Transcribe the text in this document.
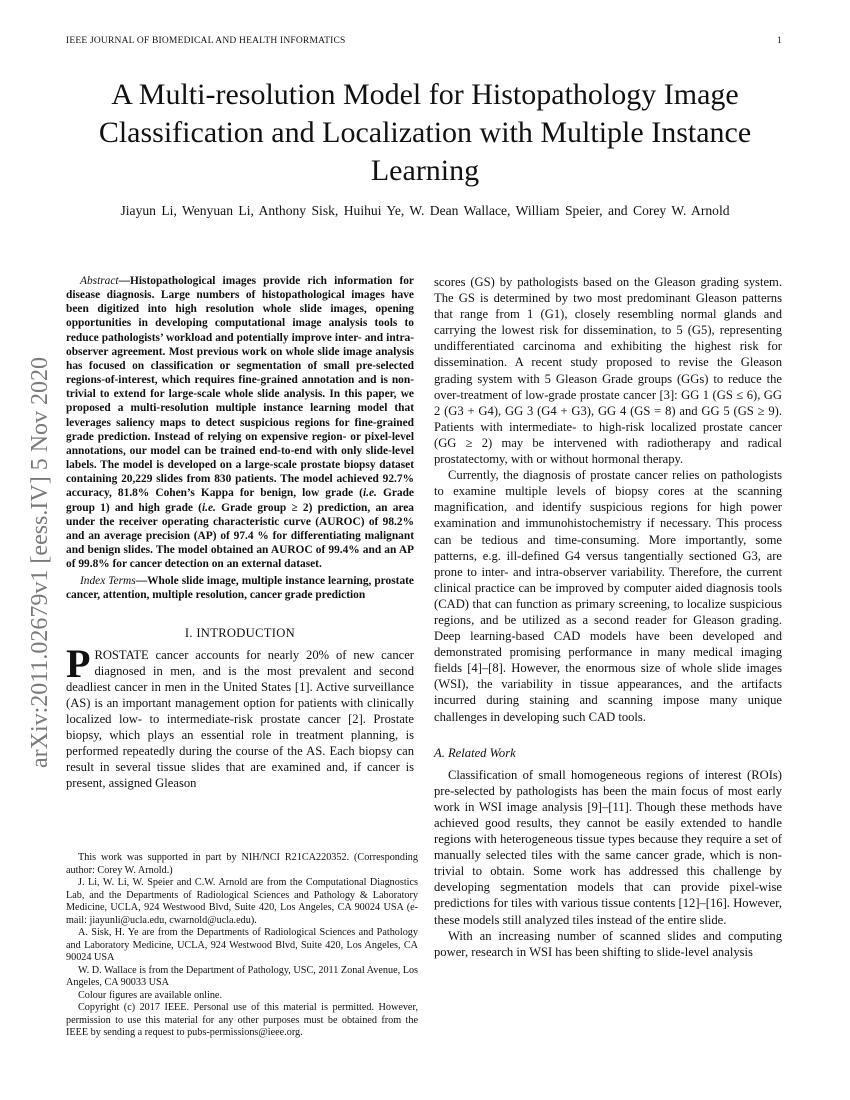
IEEE JOURNAL OF BIOMEDICAL AND HEALTH INFORMATICS	1
arXiv:2011.02679v1 [eess.IV] 5 Nov 2020
A Multi-resolution Model for Histopathology Image Classification and Localization with Multiple Instance Learning
Jiayun Li, Wenyuan Li, Anthony Sisk, Huihui Ye, W. Dean Wallace, William Speier, and Corey W. Arnold

Abstract—Histopathological images provide rich information for disease diagnosis. Large numbers of histopathological images have been digitized into high resolution whole slide images, opening opportunities in developing computational image analysis tools to reduce pathologists’ workload and potentially improve inter- and intra- observer agreement. Most previous work on whole slide image analysis has focused on classification or segmentation of small pre-selected regions-of-interest, which requires fine-grained annotation and is non-trivial to extend for large-scale whole slide analysis. In this paper, we proposed a multi-resolution multiple instance learning model that leverages saliency maps to detect suspicious regions for fine-grained grade prediction. Instead of relying on expensive region- or pixel-level annotations, our model can be trained end-to-end with only slide-level labels. The model is developed on a large-scale prostate biopsy dataset containing 20,229 slides from 830 patients. The model achieved 92.7% accuracy, 81.8% Cohen’s Kappa for benign, low grade (i.e. Grade group 1) and high grade (i.e. Grade group ≥ 2) prediction, an area under the receiver operating characteristic curve (AUROC) of 98.2% and an average precision (AP) of 97.4 % for differentiating malignant and benign slides. The model obtained an AUROC of 99.4% and an AP of 99.8% for cancer detection on an external dataset.

Index Terms—Whole slide image, multiple instance learning, prostate cancer, attention, multiple resolution, cancer grade prediction

I. INTRODUCTION

PROSTATE cancer accounts for nearly 20% of new cancer diagnosed in men, and is the most prevalent and second deadliest cancer in men in the United States [1]. Active surveillance (AS) is an important management option for patients with clinically localized low- to intermediate-risk prostate cancer [2]. Prostate biopsy, which plays an essential role in treatment planning, is performed repeatedly during the course of the AS. Each biopsy can result in several tissue slides that are examined and, if cancer is present, assigned Gleason

This work was supported in part by NIH/NCI R21CA220352. (Corresponding author: Corey W. Arnold.)

J. Li, W. Li, W. Speier and C.W. Arnold are from the Computational Diagnostics Lab, and the Departments of Radiological Sciences and Pathology & Laboratory Medicine, UCLA, 924 Westwood Blvd, Suite 420, Los Angeles, CA 90024 USA (e-mail: jiayunli@ucla.edu, cwarnold@ucla.edu).

A. Sisk, H. Ye are from the Departments of Radiological Sciences and Pathology and Laboratory Medicine, UCLA, 924 Westwood Blvd, Suite 420, Los Angeles, CA 90024 USA

W. D. Wallace is from the Department of Pathology, USC, 2011 Zonal Avenue, Los Angeles, CA 90033 USA

Colour figures are available online.

Copyright (c) 2017 IEEE. Personal use of this material is permitted. However, permission to use this material for any other purposes must be obtained from the IEEE by sending a request to pubs-permissions@ieee.org.

scores (GS) by pathologists based on the Gleason grading system. The GS is determined by two most predominant Gleason patterns that range from 1 (G1), closely resembling normal glands and carrying the lowest risk for dissemination, to 5 (G5), representing undifferentiated carcinoma and exhibiting the highest risk for dissemination. A recent study proposed to revise the Gleason grading system with 5 Gleason Grade groups (GGs) to reduce the over-treatment of low-grade prostate cancer [3]: GG 1 (GS ≤ 6), GG 2 (G3 + G4), GG 3 (G4 + G3), GG 4 (GS = 8) and GG 5 (GS ≥ 9). Patients with intermediate- to high-risk localized prostate cancer (GG ≥ 2) may be intervened with radiotherapy and radical prostatectomy, with or without hormonal therapy.

Currently, the diagnosis of prostate cancer relies on pathologists to examine multiple levels of biopsy cores at the scanning magnification, and identify suspicious regions for high power examination and immunohistochemistry if necessary. This process can be tedious and time-consuming. More importantly, some patterns, e.g. ill-defined G4 versus tangentially sectioned G3, are prone to inter- and intra-observer variability. Therefore, the current clinical practice can be improved by computer aided diagnosis tools (CAD) that can function as primary screening, to localize suspicious regions, and be utilized as a second reader for Gleason grading. Deep learning-based CAD models have been developed and demonstrated promising performance in many medical imaging fields [4]–[8]. However, the enormous size of whole slide images (WSI), the variability in tissue appearances, and the artifacts incurred during staining and scanning impose many unique challenges in developing such CAD tools.

A. Related Work

Classification of small homogeneous regions of interest (ROIs) pre-selected by pathologists has been the main focus of most early work in WSI image analysis [9]–[11]. Though these methods have achieved good results, they cannot be easily extended to handle regions with heterogeneous tissue types because they require a set of manually selected tiles with the same cancer grade, which is non-trivial to obtain. Some work has addressed this challenge by developing segmentation models that can provide pixel-wise predictions for tiles with various tissue contents [12]–[16]. However, these models still analyzed tiles instead of the entire slide.

With an increasing number of scanned slides and computing power, research in WSI has been shifting to slide-level analysis
